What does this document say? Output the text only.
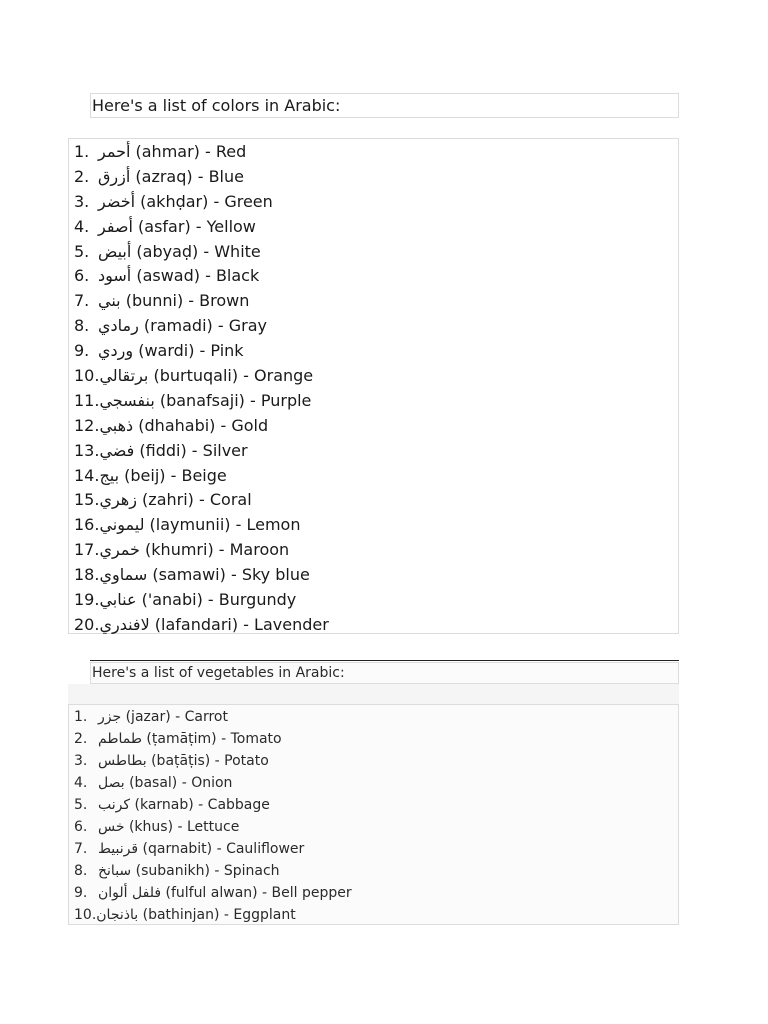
Here's a list of colors in Arabic:
1. أحمر (ahmar) - Red
2. أزرق (azraq) - Blue
3. أخضر (akhḍar) - Green
4. أصفر (asfar) - Yellow
5. أبيض (abyaḍ) - White
6. أسود (aswad) - Black
7. بني (bunni) - Brown
8. رمادي (ramadi) - Gray
9. وردي (wardi) - Pink
10. برتقالي (burtuqali) - Orange
11. بنفسجي (banafsaji) - Purple
12. ذهبي (dhahabi) - Gold
13. فضي (fiddi) - Silver
14. بيج (beij) - Beige
15. زهري (zahri) - Coral
16. ليموني (laymunii) - Lemon
17. خمري (khumri) - Maroon
18. سماوي (samawi) - Sky blue
19. عنابي ('anabi) - Burgundy
20. لافندري (lafandari) - Lavender
Here's a list of vegetables in Arabic:
1. جزر (jazar) - Carrot
2. طماطم (ṭamāṭim) - Tomato
3. بطاطس (baṭāṭis) - Potato
4. بصل (basal) - Onion
5. كرنب (karnab) - Cabbage
6. خس (khus) - Lettuce
7. قرنبيط (qarnabit) - Cauliflower
8. سبانخ (subanikh) - Spinach
9. فلفل ألوان (fulful alwan) - Bell pepper
10. باذنجان (bathinjan) - Eggplant
